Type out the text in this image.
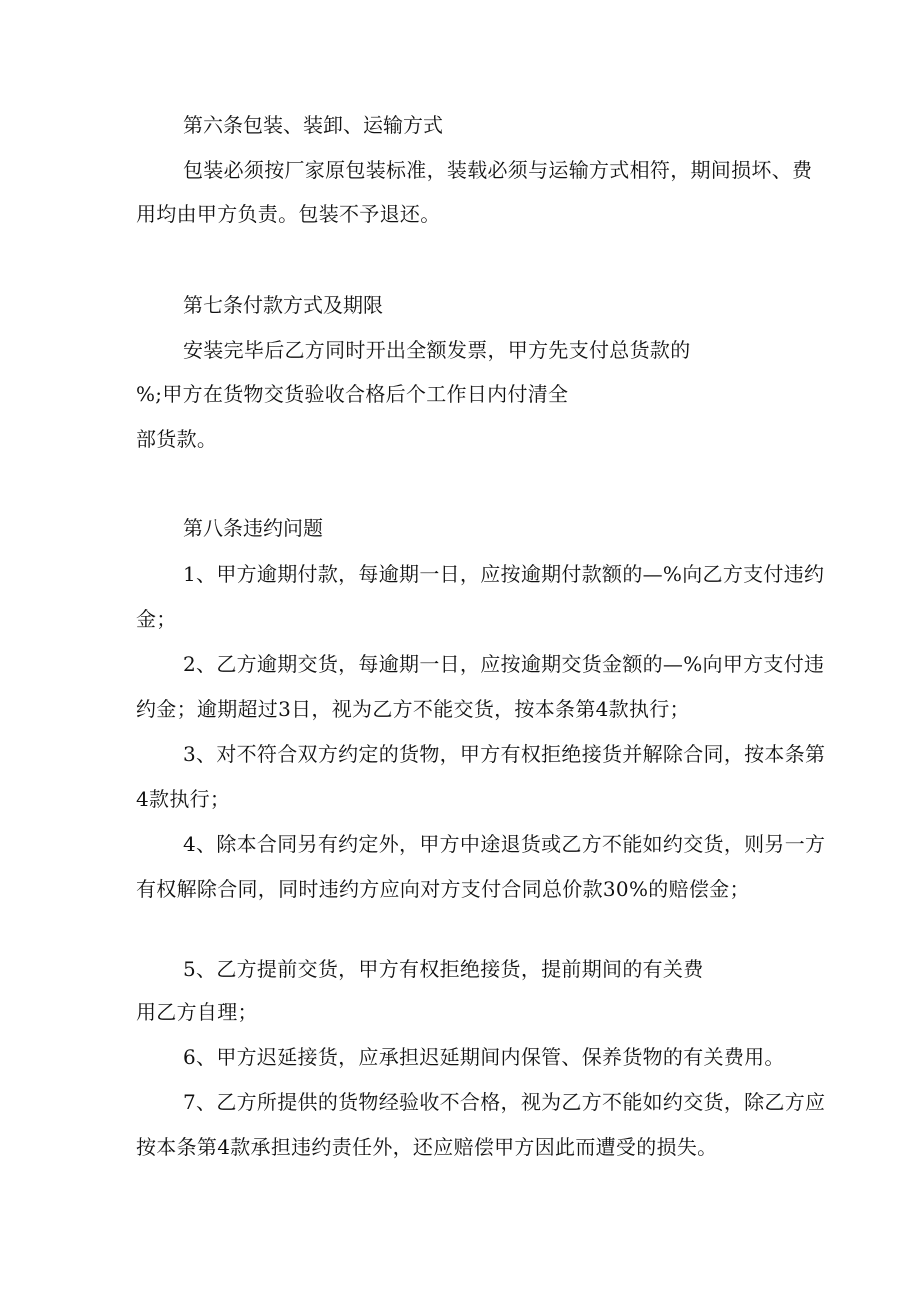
第六条包装、装卸、运输方式

包装必须按厂家原包装标准，装载必须与运输方式相符，期间损坏、费

用均由甲方负责。包装不予退还。

第七条付款方式及期限

安装完毕后乙方同时开出全额发票，甲方先支付总货款的

%;甲方在货物交货验收合格后个工作日内付清全

部货款。

第八条违约问题

1、甲方逾期付款，每逾期一日，应按逾期付款额的—%向乙方支付违约

金；

2、乙方逾期交货，每逾期一日，应按逾期交货金额的—%向甲方支付违

约金；逾期超过3日，视为乙方不能交货，按本条第4款执行；

3、对不符合双方约定的货物，甲方有权拒绝接货并解除合同，按本条第

4款执行；

4、除本合同另有约定外，甲方中途退货或乙方不能如约交货，则另一方

有权解除合同，同时违约方应向对方支付合同总价款30%的赔偿金；

5、乙方提前交货，甲方有权拒绝接货，提前期间的有关费

用乙方自理；

6、甲方迟延接货，应承担迟延期间内保管、保养货物的有关费用。

7、乙方所提供的货物经验收不合格，视为乙方不能如约交货，除乙方应

按本条第4款承担违约责任外，还应赔偿甲方因此而遭受的损失。
